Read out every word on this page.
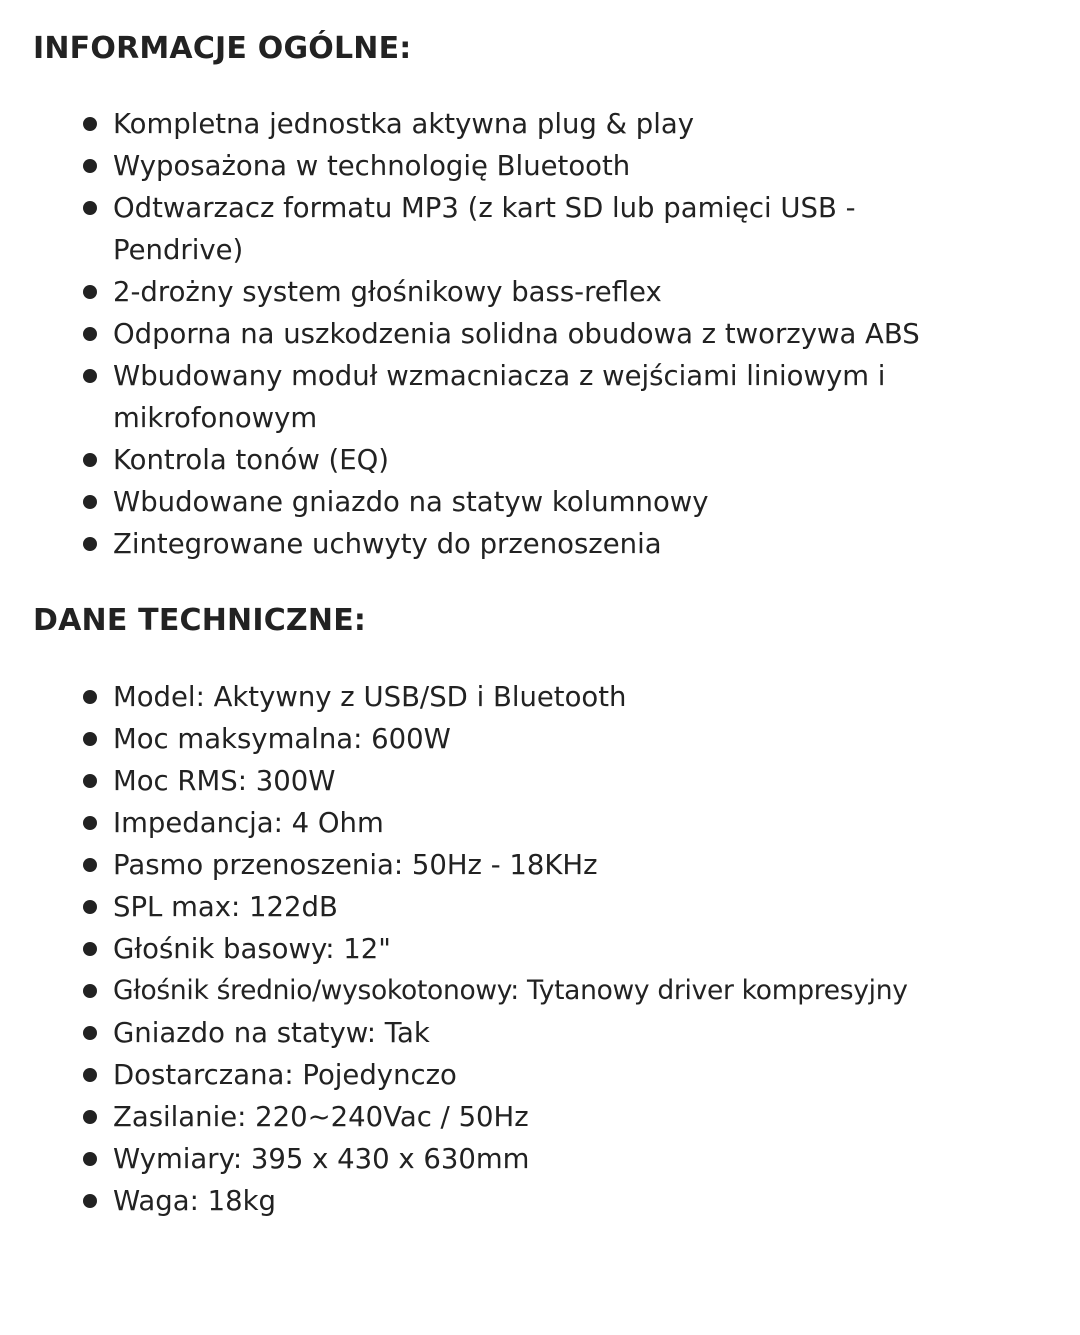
INFORMACJE OGÓLNE:
Kompletna jednostka aktywna plug & play
Wyposażona w technologię Bluetooth
Odtwarzacz formatu MP3 (z kart SD lub pamięci USB - Pendrive)
2-drożny system głośnikowy bass-reflex
Odporna na uszkodzenia solidna obudowa z tworzywa ABS
Wbudowany moduł wzmacniacza z wejściami liniowym i mikrofonowym
Kontrola tonów (EQ)
Wbudowane gniazdo na statyw kolumnowy
Zintegrowane uchwyty do przenoszenia
DANE TECHNICZNE:
Model: Aktywny z USB/SD i Bluetooth
Moc maksymalna: 600W
Moc RMS: 300W
Impedancja: 4 Ohm
Pasmo przenoszenia: 50Hz - 18KHz
SPL max: 122dB
Głośnik basowy: 12"
Głośnik średnio/wysokotonowy: Tytanowy driver kompresyjny
Gniazdo na statyw: Tak
Dostarczana: Pojedynczo
Zasilanie: 220~240Vac / 50Hz
Wymiary: 395 x 430 x 630mm
Waga: 18kg
